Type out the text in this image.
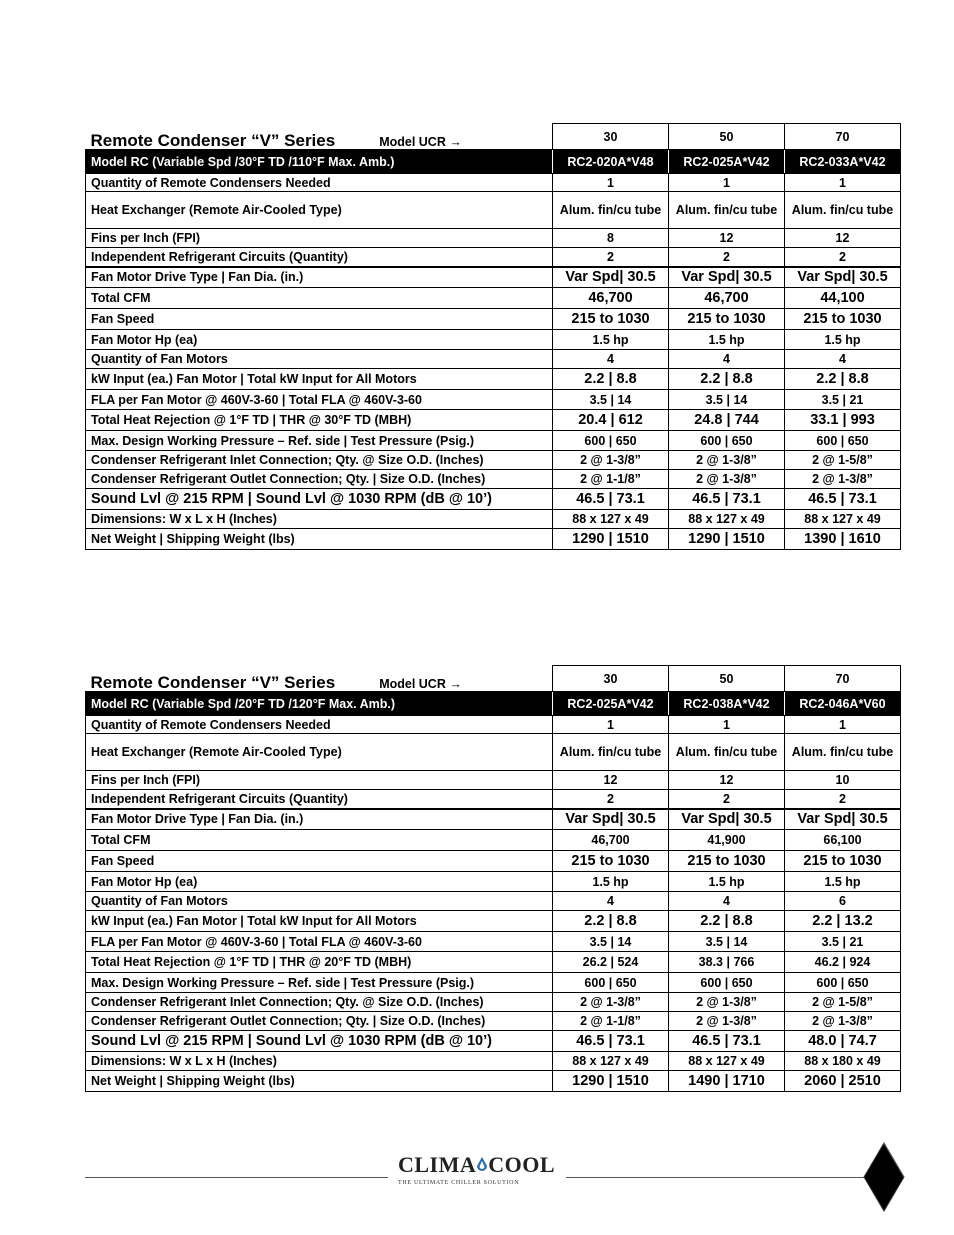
Remote Condenser “V” Series Model UCR →	30	50	70
Model RC (Variable Spd /30°F TD /110°F Max. Amb.)	RC2-020A*V48	RC2-025A*V42	RC2-033A*V42
Quantity of Remote Condensers Needed	1	1	1
Heat Exchanger (Remote Air-Cooled Type)	Alum. fin/cu tube	Alum. fin/cu tube	Alum. fin/cu tube
Fins per Inch (FPI)	8	12	12
Independent Refrigerant Circuits (Quantity)	2	2	2
Fan Motor Drive Type | Fan Dia. (in.)	Var Spd| 30.5	Var Spd| 30.5	Var Spd| 30.5
Total CFM	46,700	46,700	44,100
Fan Speed	215 to 1030	215 to 1030	215 to 1030
Fan Motor Hp (ea)	1.5 hp	1.5 hp	1.5 hp
Quantity of Fan Motors	4	4	4
kW Input (ea.) Fan Motor | Total kW Input for All Motors	2.2 | 8.8	2.2 | 8.8	2.2 | 8.8
FLA per Fan Motor @ 460V-3-60 | Total FLA @ 460V-3-60	3.5 | 14	3.5 | 14	3.5 | 21
Total Heat Rejection @ 1°F TD | THR @ 30°F TD (MBH)	20.4 | 612	24.8 | 744	33.1 | 993
Max. Design Working Pressure – Ref. side | Test Pressure (Psig.)	600 | 650	600 | 650	600 | 650
Condenser Refrigerant Inlet Connection; Qty. @ Size O.D. (Inches)	2 @ 1-3/8”	2 @ 1-3/8”	2 @ 1-5/8”
Condenser Refrigerant Outlet Connection; Qty. | Size O.D. (Inches)	2 @ 1-1/8”	2 @ 1-3/8”	2 @ 1-3/8”
Sound Lvl @ 215 RPM | Sound Lvl @ 1030 RPM (dB @ 10’)	46.5 | 73.1	46.5 | 73.1	46.5 | 73.1
Dimensions: W x L x H (Inches)	88 x 127 x 49	88 x 127 x 49	88 x 127 x 49
Net Weight | Shipping Weight (lbs)	1290 | 1510	1290 | 1510	1390 | 1610
Remote Condenser “V” Series Model UCR →	30	50	70
Model RC (Variable Spd /20°F TD /120°F Max. Amb.)	RC2-025A*V42	RC2-038A*V42	RC2-046A*V60
Quantity of Remote Condensers Needed	1	1	1
Heat Exchanger (Remote Air-Cooled Type)	Alum. fin/cu tube	Alum. fin/cu tube	Alum. fin/cu tube
Fins per Inch (FPI)	12	12	10
Independent Refrigerant Circuits (Quantity)	2	2	2
Fan Motor Drive Type | Fan Dia. (in.)	Var Spd| 30.5	Var Spd| 30.5	Var Spd| 30.5
Total CFM	46,700	41,900	66,100
Fan Speed	215 to 1030	215 to 1030	215 to 1030
Fan Motor Hp (ea)	1.5 hp	1.5 hp	1.5 hp
Quantity of Fan Motors	4	4	6
kW Input (ea.) Fan Motor | Total kW Input for All Motors	2.2 | 8.8	2.2 | 8.8	2.2 | 13.2
FLA per Fan Motor @ 460V-3-60 | Total FLA @ 460V-3-60	3.5 | 14	3.5 | 14	3.5 | 21
Total Heat Rejection @ 1°F TD | THR @ 20°F TD (MBH)	26.2 | 524	38.3 | 766	46.2 | 924
Max. Design Working Pressure – Ref. side | Test Pressure (Psig.)	600 | 650	600 | 650	600 | 650
Condenser Refrigerant Inlet Connection; Qty. @ Size O.D. (Inches)	2 @ 1-3/8”	2 @ 1-3/8”	2 @ 1-5/8”
Condenser Refrigerant Outlet Connection; Qty. | Size O.D. (Inches)	2 @ 1-1/8”	2 @ 1-3/8”	2 @ 1-3/8”
Sound Lvl @ 215 RPM | Sound Lvl @ 1030 RPM (dB @ 10’)	46.5 | 73.1	46.5 | 73.1	48.0 | 74.7
Dimensions: W x L x H (Inches)	88 x 127 x 49	88 x 127 x 49	88 x 180 x 49
Net Weight | Shipping Weight (lbs)	1290 | 1510	1490 | 1710	2060 | 2510
CLIMA COOL
THE ULTIMATE CHILLER SOLUTION
